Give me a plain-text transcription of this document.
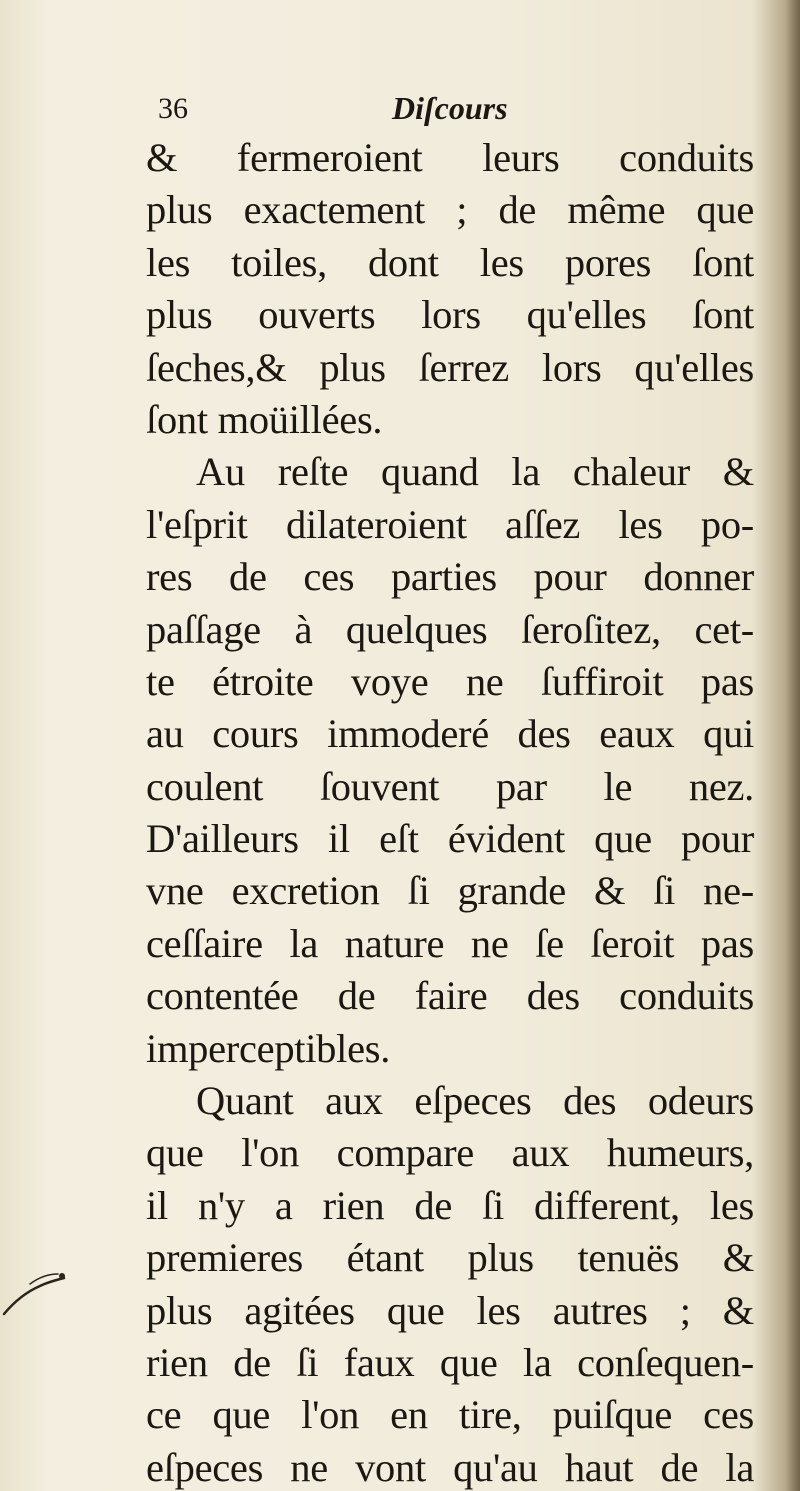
36	Diſcours
& fermeroient leurs conduits
plus exactement ; de même que
les toiles, dont les pores ſont
plus ouverts lors qu'elles ſont
ſeches,& plus ſerrez lors qu'elles
ſont moüillées.
Au reſte quand la chaleur &
l'eſprit dilateroient aſſez les po-
res de ces parties pour donner
paſſage à quelques ſeroſitez, cet-
te étroite voye ne ſuffiroit pas
au cours immoderé des eaux qui
coulent ſouvent par le nez.
D'ailleurs il eſt évident que pour
vne excretion ſi grande & ſi ne-
ceſſaire la nature ne ſe ſeroit pas
contentée de faire des conduits
imperceptibles.
Quant aux eſpeces des odeurs
que l'on compare aux humeurs,
il n'y a rien de ſi different, les
premieres étant plus tenuës &
plus agitées que les autres ; &
rien de ſi faux que la conſequen-
ce que l'on en tire, puiſque ces
eſpeces ne vont qu'au haut de la
